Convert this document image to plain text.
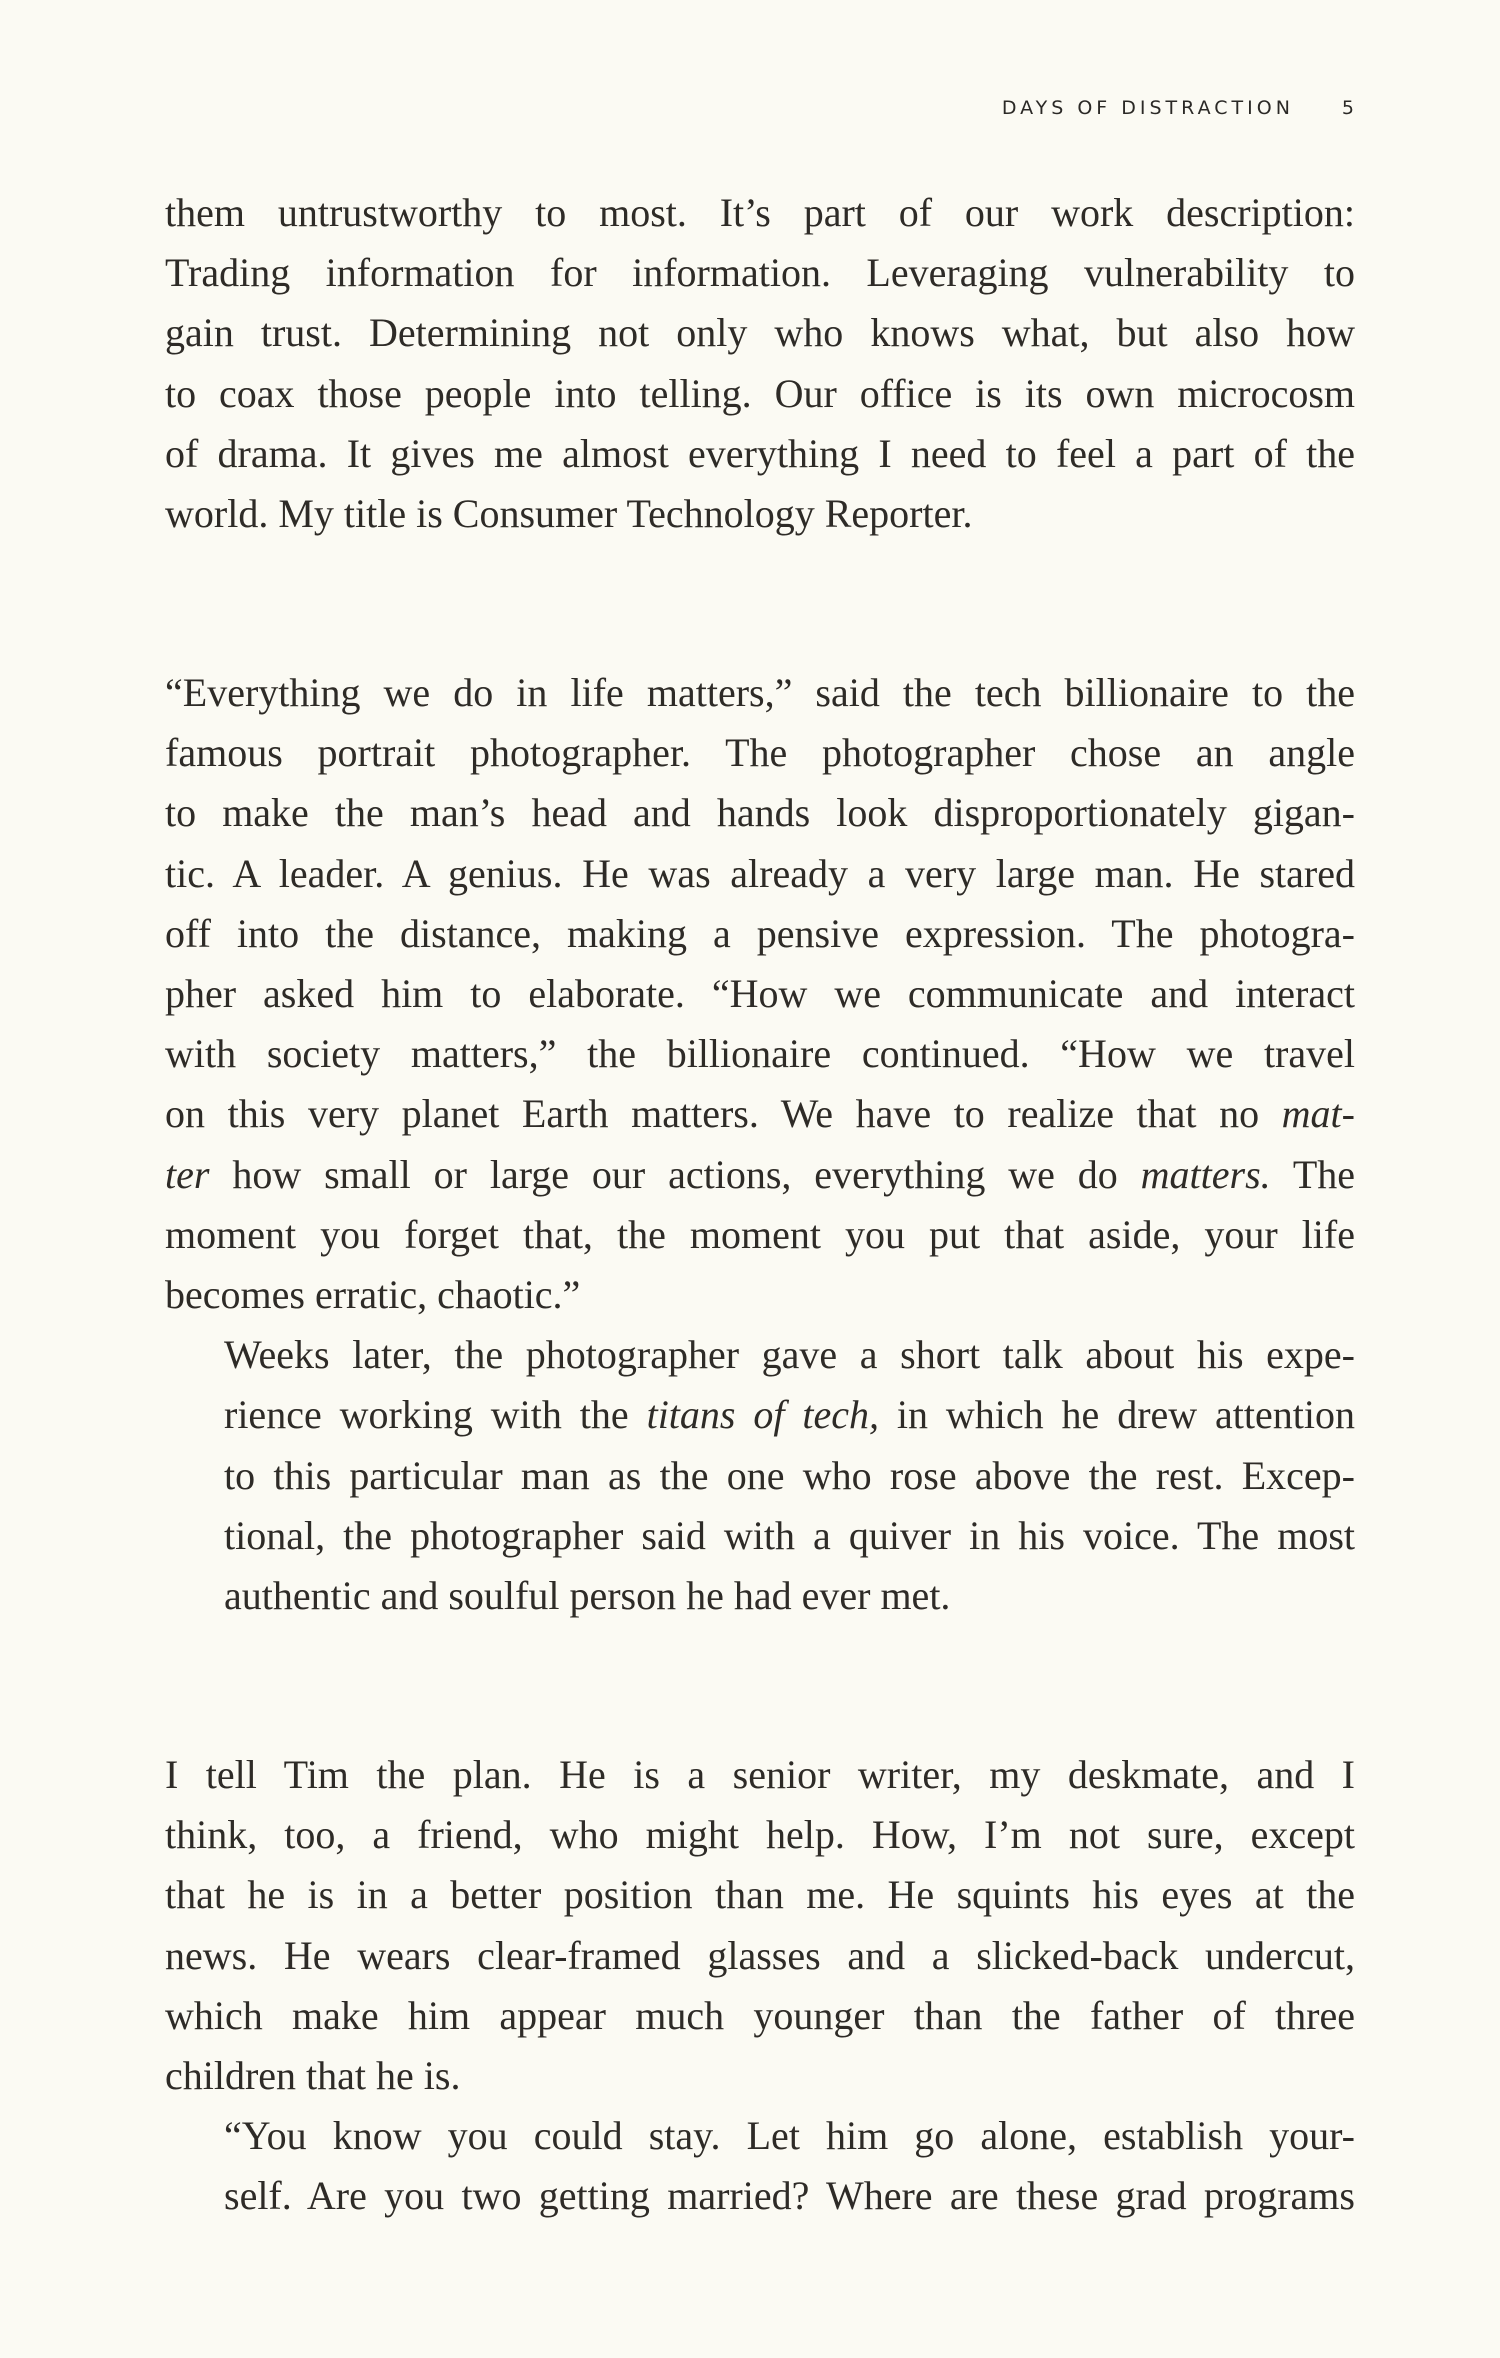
DAYS OF DISTRACTION	5

them untrustworthy to most. It’s part of our work description:
Trading information for information. Leveraging vulnerability to
gain trust. Determining not only who knows what, but also how
to coax those people into telling. Our office is its own microcosm
of drama. It gives me almost everything I need to feel a part of the
world. My title is Consumer Technology Reporter.

“Everything we do in life matters,” said the tech billionaire to the
famous portrait photographer. The photographer chose an angle
to make the man’s head and hands look disproportionately gigan-
tic. A leader. A genius. He was already a very large man. He stared
off into the distance, making a pensive expression. The photogra-
pher asked him to elaborate. “How we communicate and interact
with society matters,” the billionaire continued. “How we travel
on this very planet Earth matters. We have to realize that no mat-
ter how small or large our actions, everything we do matters. The
moment you forget that, the moment you put that aside, your life
becomes erratic, chaotic.”

Weeks later, the photographer gave a short talk about his expe-
rience working with the titans of tech, in which he drew attention
to this particular man as the one who rose above the rest. Excep-
tional, the photographer said with a quiver in his voice. The most
authentic and soulful person he had ever met.

I tell Tim the plan. He is a senior writer, my deskmate, and I
think, too, a friend, who might help. How, I’m not sure, except
that he is in a better position than me. He squints his eyes at the
news. He wears clear-framed glasses and a slicked-back undercut,
which make him appear much younger than the father of three
children that he is.

“You know you could stay. Let him go alone, establish your-
self. Are you two getting married? Where are these grad programs
